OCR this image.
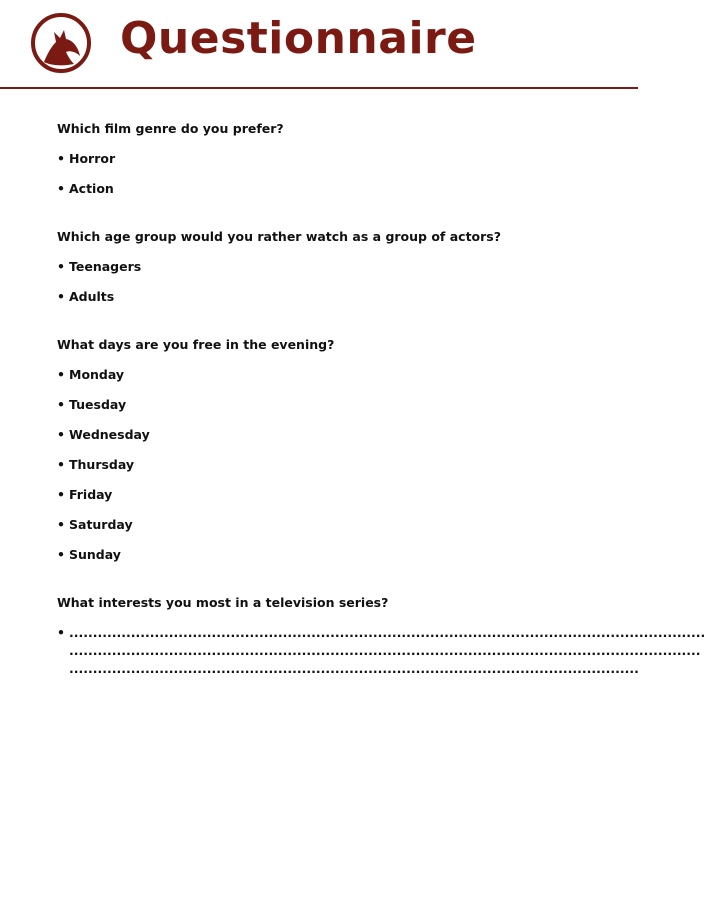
Questionnaire

Which film genre do you prefer?

• Horror
• Action

Which age group would you rather watch as a group of actors?

• Teenagers
• Adults

What days are you free in the evening?

• Monday
• Tuesday
• Wednesday
• Thursday
• Friday
• Saturday
• Sunday

What interests you most in a television series?

• ......................................................................................................................................
.....................................................................................................................................
........................................................................................................................
